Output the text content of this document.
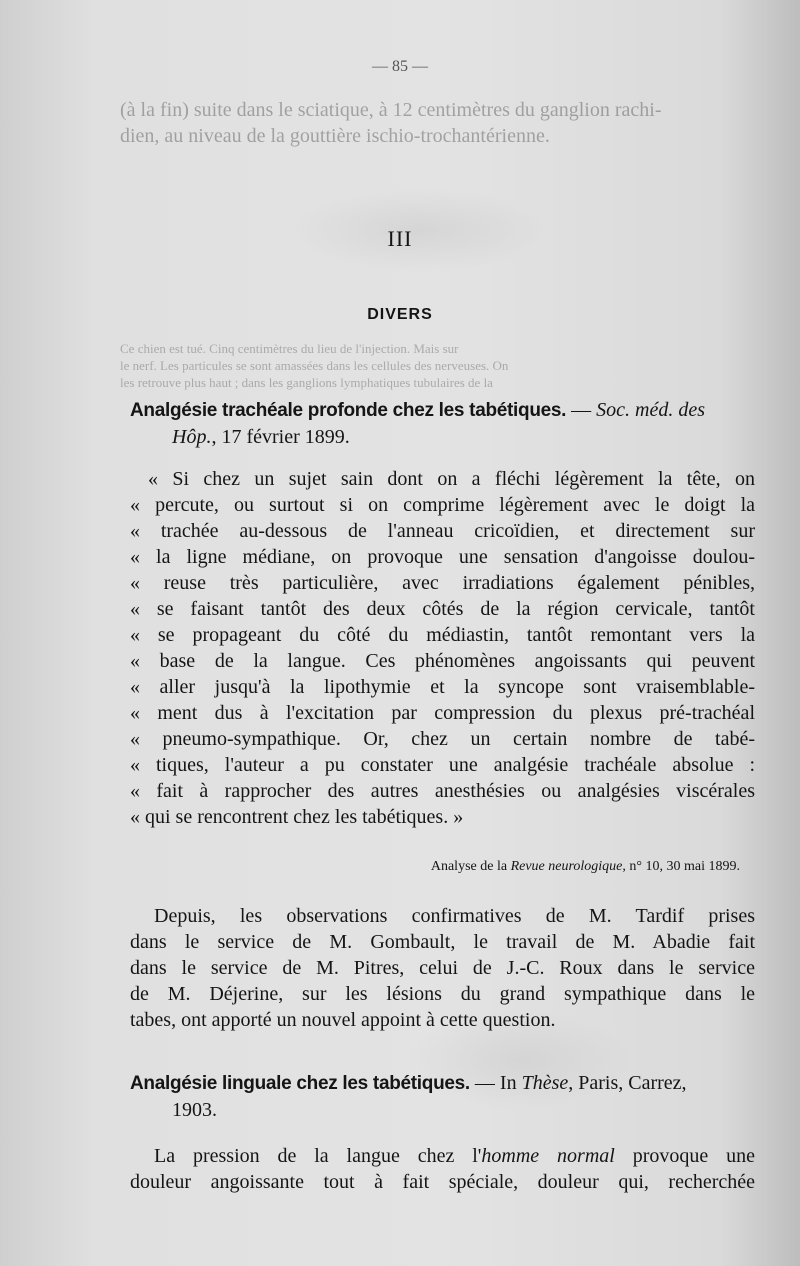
— 85 —
(à la fin) suite dans le sciatique, à 12 centimètres du ganglion rachi-
dien, au niveau de la gouttière ischio-trochantérienne.
III
DIVERS
Ce chien est tué. Cinq centimètres du lieu de l'injection. Mais sur
le nerf. Les particules se sont amassées dans les cellules des nerveuses. On
les retrouve plus haut ; dans les ganglions lymphatiques tubulaires de la
Analgésie trachéale profonde chez les tabétiques. — Soc. méd. des
Hôp., 17 février 1899.
« Si chez un sujet sain dont on a fléchi légèrement la tête, on
« percute, ou surtout si on comprime légèrement avec le doigt la
« trachée au-dessous de l'anneau cricoïdien, et directement sur
« la ligne médiane, on provoque une sensation d'angoisse doulou-
« reuse très particulière, avec irradiations également pénibles,
« se faisant tantôt des deux côtés de la région cervicale, tantôt
« se propageant du côté du médiastin, tantôt remontant vers la
« base de la langue. Ces phénomènes angoissants qui peuvent
« aller jusqu'à la lipothymie et la syncope sont vraisemblable-
« ment dus à l'excitation par compression du plexus pré-trachéal
« pneumo-sympathique. Or, chez un certain nombre de tabé-
« tiques, l'auteur a pu constater une analgésie trachéale absolue :
« fait à rapprocher des autres anesthésies ou analgésies viscérales
« qui se rencontrent chez les tabétiques. »
Analyse de la Revue neurologique, n° 10, 30 mai 1899.
Depuis, les observations confirmatives de M. Tardif prises
dans le service de M. Gombault, le travail de M. Abadie fait
dans le service de M. Pitres, celui de J.-C. Roux dans le service
de M. Déjerine, sur les lésions du grand sympathique dans le
tabes, ont apporté un nouvel appoint à cette question.
Analgésie linguale chez les tabétiques. — In Thèse, Paris, Carrez,
1903.
La pression de la langue chez l'homme normal provoque une
douleur angoissante tout à fait spéciale, douleur qui, recherchée
